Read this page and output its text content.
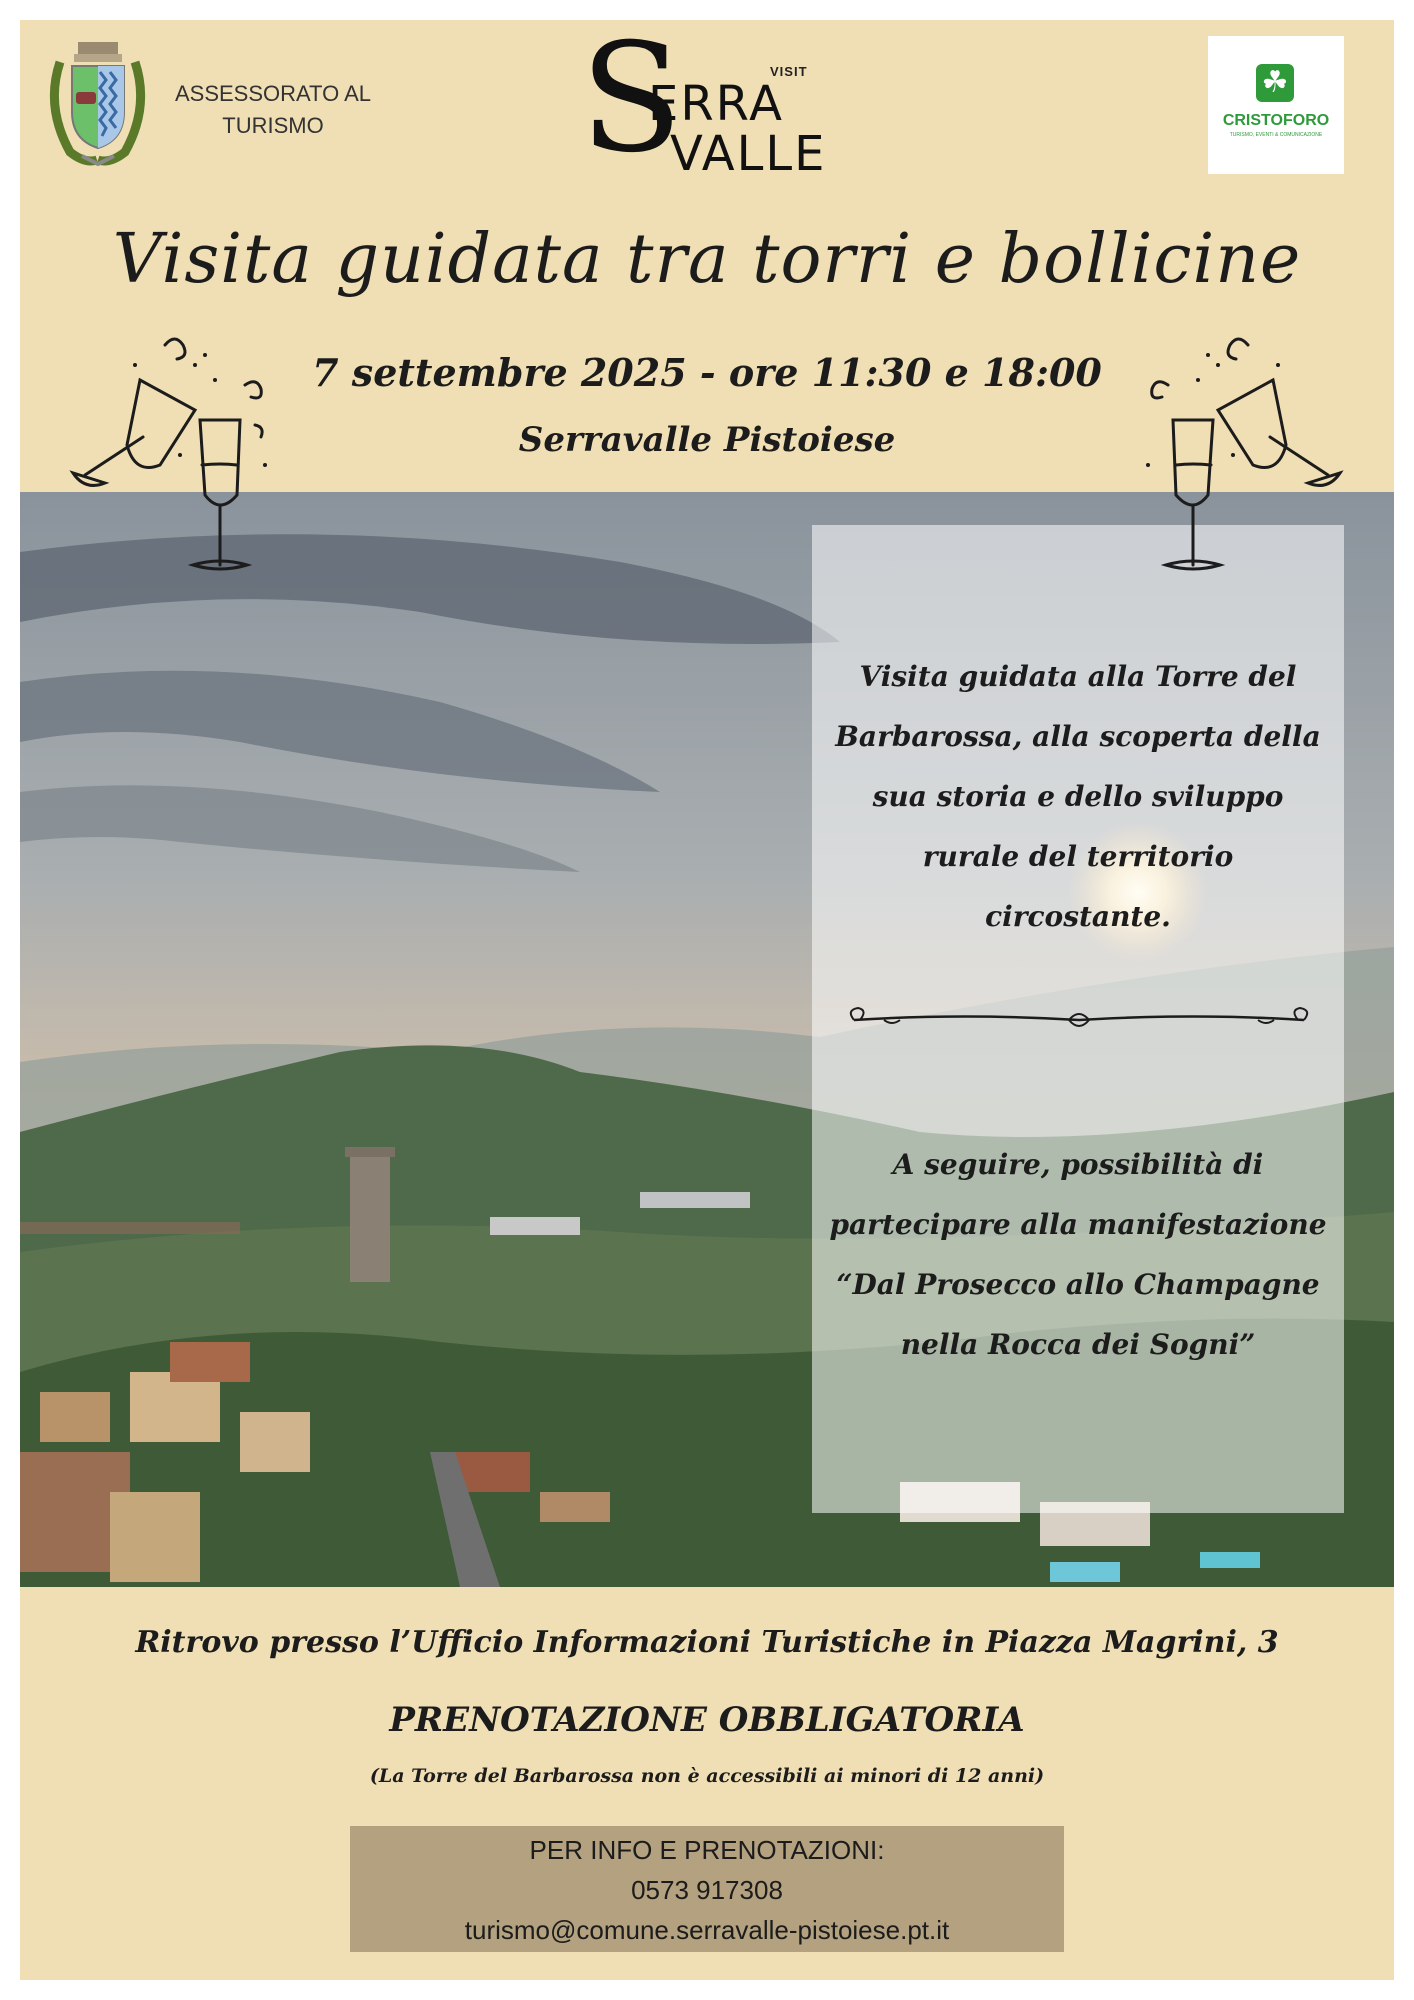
ASSESSORATO AL
TURISMO	S	VISIT
ERRA
VALLE
☘
CRISTOFORO
TURISMO, EVENTI & COMUNICAZIONE
Visita guidata tra torri e bollicine
7 settembre 2025 - ore 11:30 e 18:00
Serravalle Pistoiese
Visita guidata alla Torre del Barbarossa, alla scoperta della sua storia e dello sviluppo rurale del territorio circostante.
A seguire, possibilità di partecipare alla manifestazione “Dal Prosecco allo Champagne nella Rocca dei Sogni”
Ritrovo presso l’Ufficio Informazioni Turistiche in Piazza Magrini, 3
PRENOTAZIONE OBBLIGATORIA
(La Torre del Barbarossa non è accessibili ai minori di 12 anni)
PER INFO E PRENOTAZIONI:
0573 917308
turismo@comune.serravalle-pistoiese.pt.it
